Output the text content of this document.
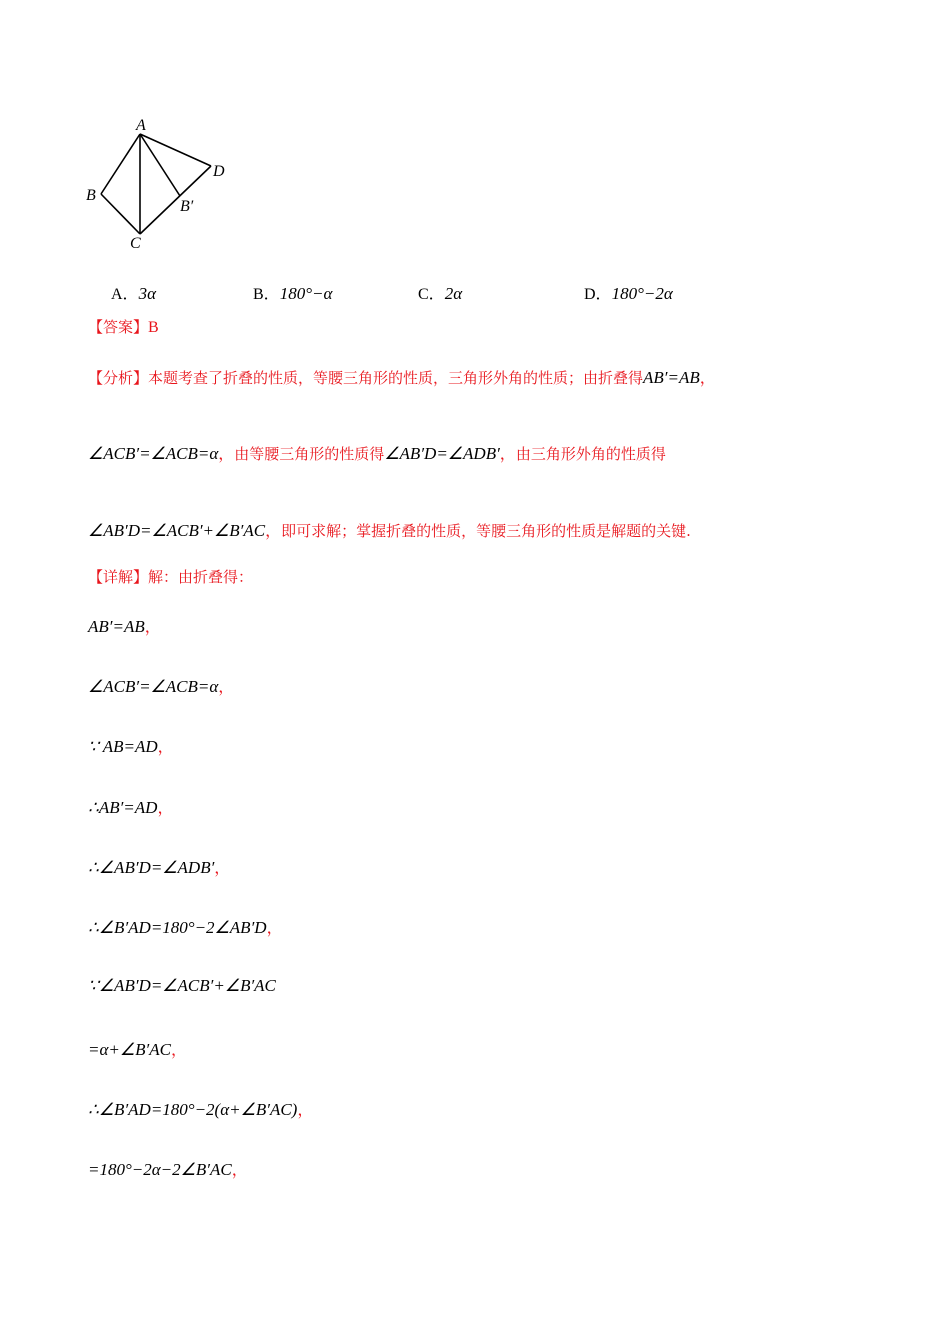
A
B
C
D
B′
A．3α	B．180°−α	C．2α	D．180°−2α
【答案】B
【分析】本题考查了折叠的性质，等腰三角形的性质，三角形外角的性质；由折叠得AB′=AB，
∠ACB′=∠ACB=α，由等腰三角形的性质得∠AB′D=∠ADB′，由三角形外角的性质得
∠AB′D=∠ACB′+∠B′AC，即可求解；掌握折叠的性质，等腰三角形的性质是解题的关键.
【详解】解：由折叠得：
AB′=AB，
∠ACB′=∠ACB=α，
∵ AB=AD，
∴AB′=AD，
∴∠AB′D=∠ADB′，
∴∠B′AD=180°−2∠AB′D，
∵∠AB′D=∠ACB′+∠B′AC
=α+∠B′AC，
∴∠B′AD=180°−2(α+∠B′AC)，
=180°−2α−2∠B′AC，
